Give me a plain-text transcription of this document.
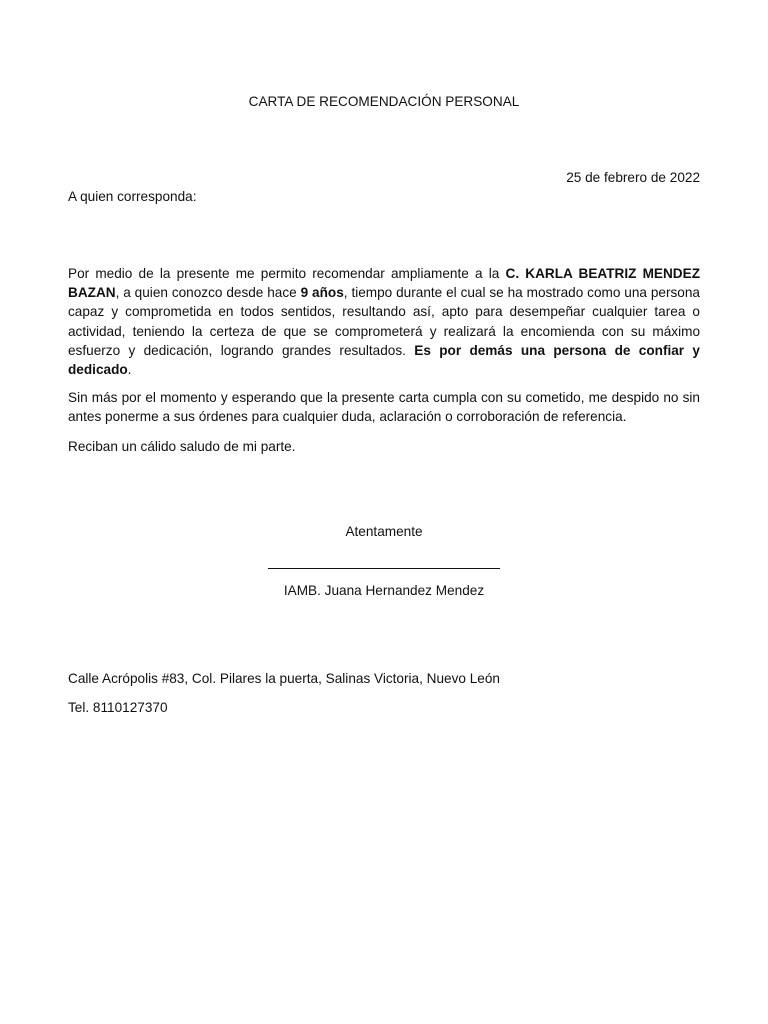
CARTA DE RECOMENDACIÓN PERSONAL
25 de febrero de 2022
A quien corresponda:
Por medio de la presente me permito recomendar ampliamente a la C. KARLA BEATRIZ MENDEZ BAZAN, a quien conozco desde hace 9 años, tiempo durante el cual se ha mostrado como una persona capaz y comprometida en todos sentidos, resultando así, apto para desempeñar cualquier tarea o actividad, teniendo la certeza de que se comprometerá y realizará la encomienda con su máximo esfuerzo y dedicación, logrando grandes resultados. Es por demás una persona de confiar y dedicado.
Sin más por el momento y esperando que la presente carta cumpla con su cometido, me despido no sin antes ponerme a sus órdenes para cualquier duda, aclaración o corroboración de referencia.
Reciban un cálido saludo de mi parte.
Atentamente
IAMB. Juana Hernandez Mendez
Calle Acrópolis #83, Col. Pilares la puerta, Salinas Victoria, Nuevo León
Tel. 8110127370
